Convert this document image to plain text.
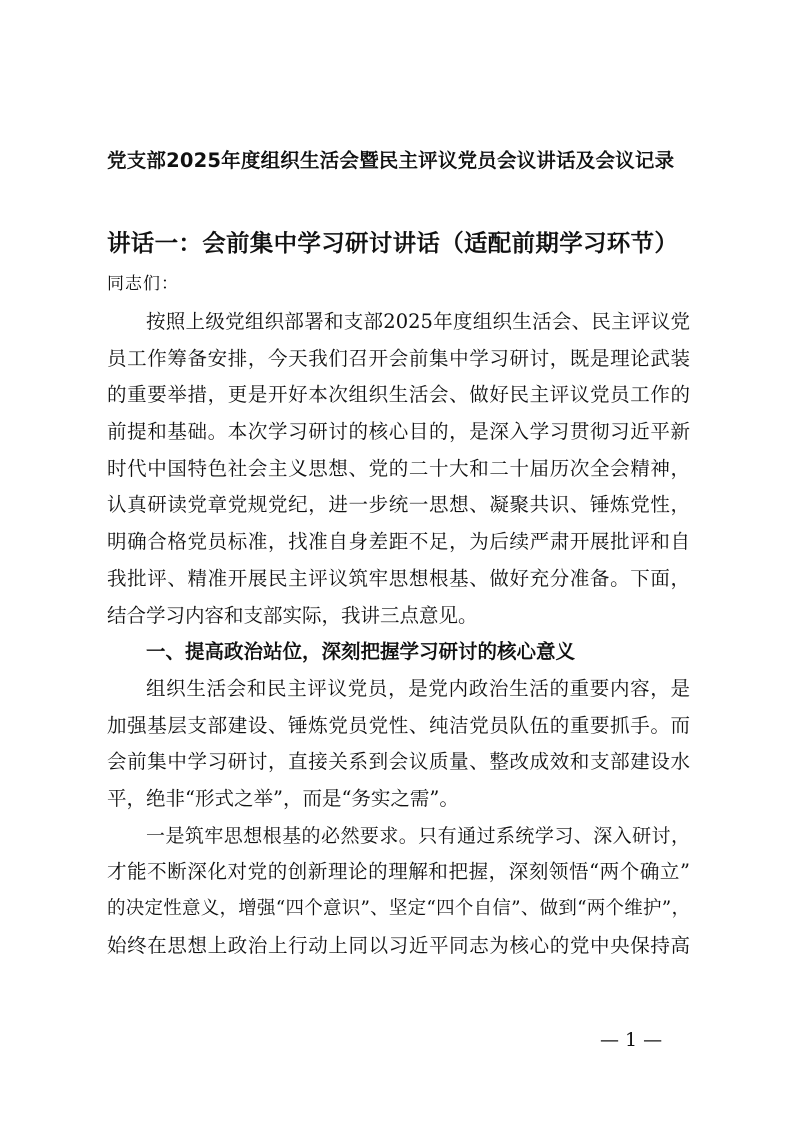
党支部2025年度组织生活会暨民主评议党员会议讲话及会议记录
讲话一：会前集中学习研讨讲话（适配前期学习环节）
同志们：
按照上级党组织部署和支部2025年度组织生活会、民主评议党
员工作筹备安排，今天我们召开会前集中学习研讨，既是理论武装
的重要举措，更是开好本次组织生活会、做好民主评议党员工作的
前提和基础。本次学习研讨的核心目的，是深入学习贯彻习近平新
时代中国特色社会主义思想、党的二十大和二十届历次全会精神，
认真研读党章党规党纪，进一步统一思想、凝聚共识、锤炼党性，
明确合格党员标准，找准自身差距不足，为后续严肃开展批评和自
我批评、精准开展民主评议筑牢思想根基、做好充分准备。下面，
结合学习内容和支部实际，我讲三点意见。
一、提高政治站位，深刻把握学习研讨的核心意义
组织生活会和民主评议党员，是党内政治生活的重要内容，是
加强基层支部建设、锤炼党员党性、纯洁党员队伍的重要抓手。而
会前集中学习研讨，直接关系到会议质量、整改成效和支部建设水
平，绝非“形式之举”，而是“务实之需”。
一是筑牢思想根基的必然要求。只有通过系统学习、深入研讨，
才能不断深化对党的创新理论的理解和把握，深刻领悟“两个确立”
的决定性意义，增强“四个意识”、坚定“四个自信”、做到“两个维护”，
始终在思想上政治上行动上同以习近平同志为核心的党中央保持高
— 1 —
